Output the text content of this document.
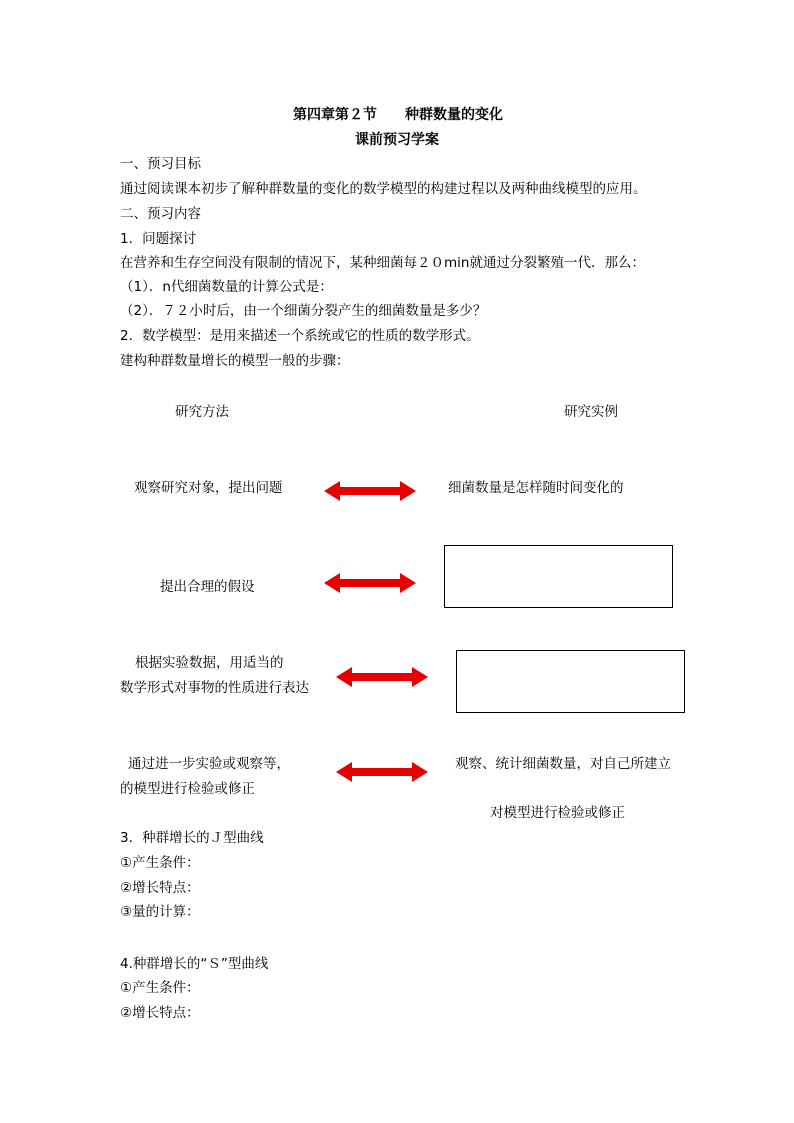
第四章第２节　　种群数量的变化
课前预习学案
一、预习目标
通过阅读课本初步了解种群数量的变化的数学模型的构建过程以及两种曲线模型的应用。
二、预习内容
1．问题探讨
在营养和生存空间没有限制的情况下，某种细菌每２０min就通过分裂繁殖一代．那么：
（1）．n代细菌数量的计算公式是：
（2）．７２小时后，由一个细菌分裂产生的细菌数量是多少？
2．数学模型：是用来描述一个系统或它的性质的数学形式。
建构种群数量增长的模型一般的步骤：
研究方法	研究实例
观察研究对象，提出问题	细菌数量是怎样随时间变化的
提出合理的假设
根据实验数据，用适当的
数学形式对事物的性质进行表达
通过进一步实验或观察等，
的模型进行检验或修正
观察、统计细菌数量，对自己所建立
对模型进行检验或修正
3．种群增长的Ｊ型曲线
①产生条件：
②增长特点：
③量的计算：
4.种群增长的“Ｓ”型曲线
①产生条件：
②增长特点：
